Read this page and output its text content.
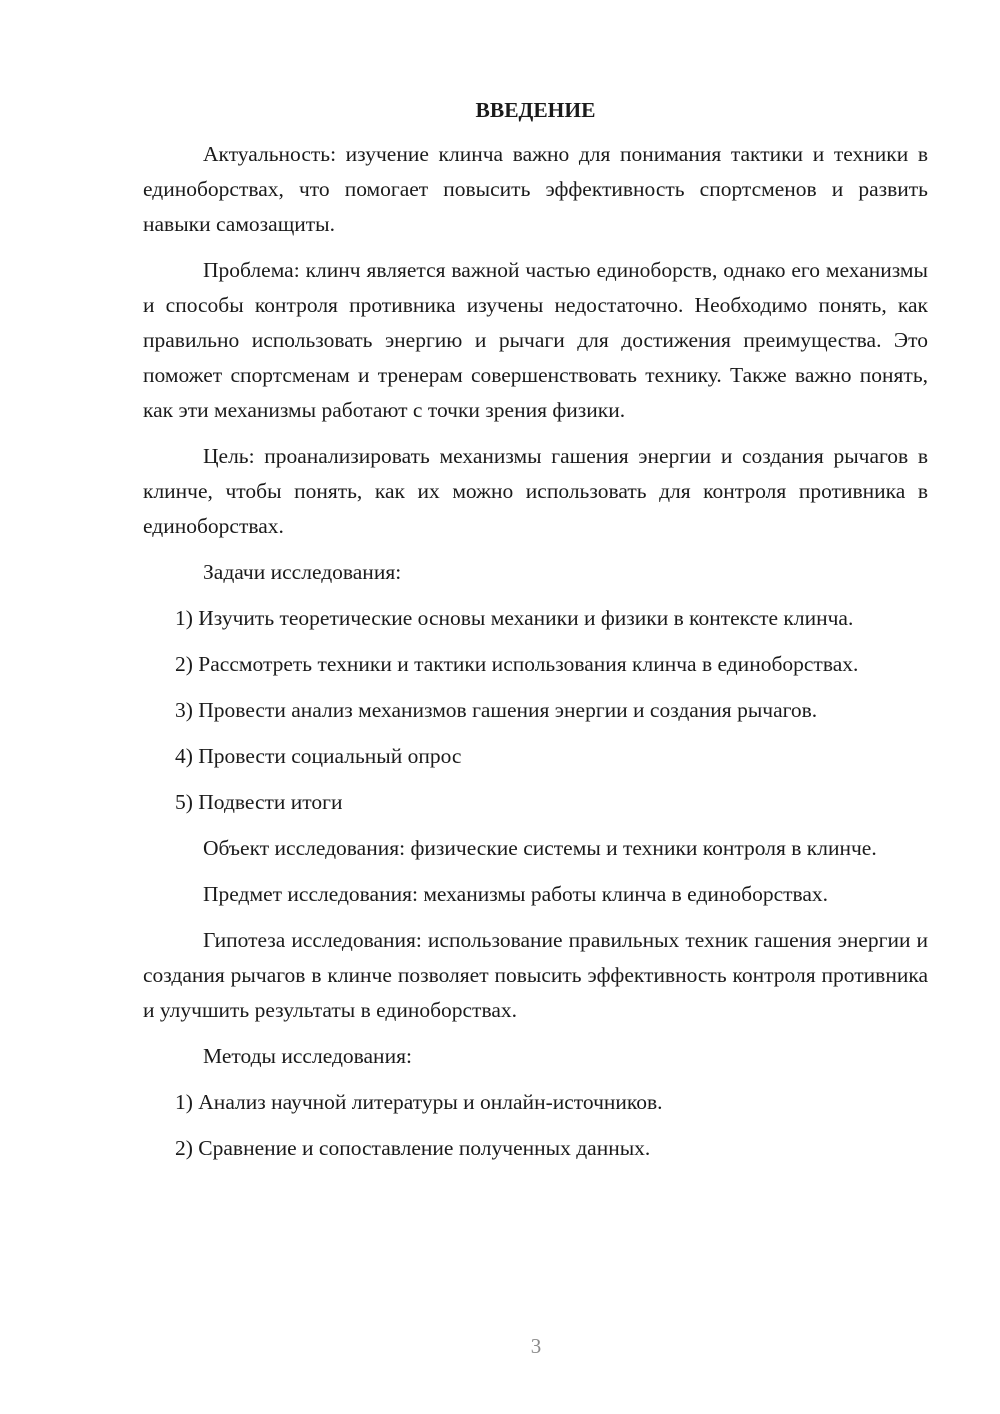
ВВЕДЕНИЕ

Актуальность: изучение клинча важно для понимания тактики и техники в единоборствах, что помогает повысить эффективность спортсменов и развить навыки самозащиты.

Проблема: клинч является важной частью единоборств, однако его механизмы и способы контроля противника изучены недостаточно. Необходимо понять, как правильно использовать энергию и рычаги для достижения преимущества. Это поможет спортсменам и тренерам совершенствовать технику. Также важно понять, как эти механизмы работают с точки зрения физики.

Цель: проанализировать механизмы гашения энергии и создания рычагов в клинче, чтобы понять, как их можно использовать для контроля противника в единоборствах.

Задачи исследования:

1) Изучить теоретические основы механики и физики в контексте клинча.

2) Рассмотреть техники и тактики использования клинча в единоборствах.

3) Провести анализ механизмов гашения энергии и создания рычагов.

4) Провести социальный опрос

5) Подвести итоги

Объект исследования: физические системы и техники контроля в клинче.

Предмет исследования: механизмы работы клинча в единоборствах.

Гипотеза исследования: использование правильных техник гашения энергии и создания рычагов в клинче позволяет повысить эффективность контроля противника и улучшить результаты в единоборствах.

Методы исследования:

1) Анализ научной литературы и онлайн-источников.

2) Сравнение и сопоставление полученных данных.

3
